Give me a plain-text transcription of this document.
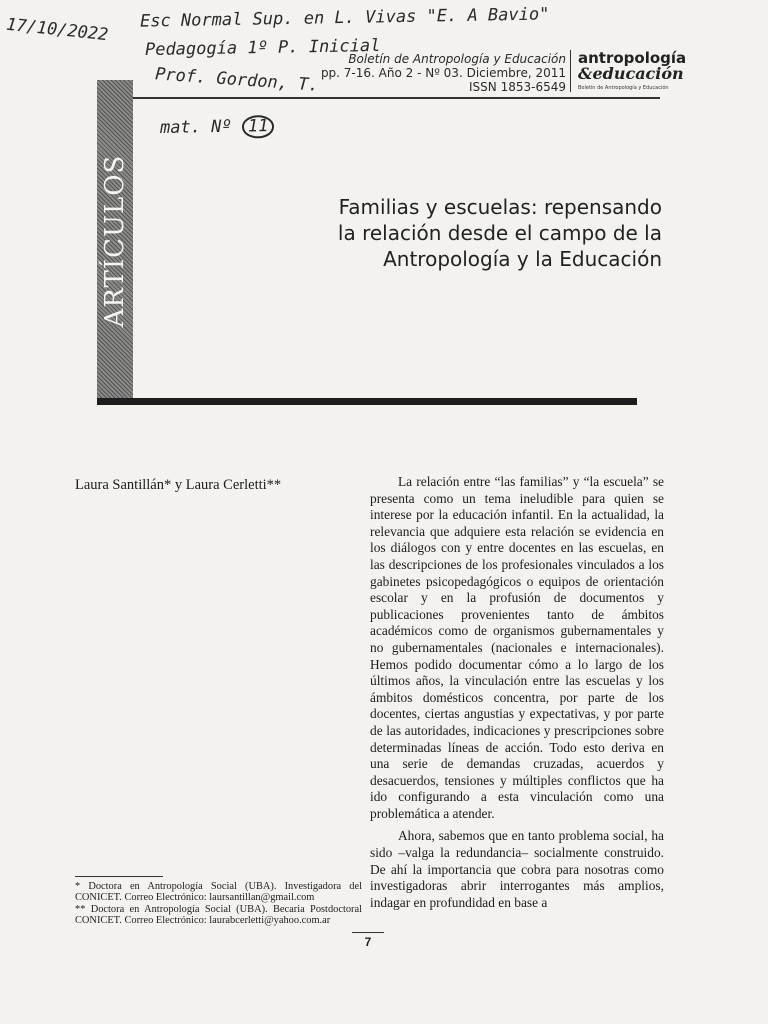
17/10/2022 Esc Normal Sup. en L. Vivas "E. A Bavio"
Pedagogía 1º P. Inicial
Prof. Gordon, T.
mat. Nº 11
Boletín de Antropología y Educación
pp. 7-16. Año 2 - Nº 03. Diciembre, 2011
ISSN 1853-6549
antropología
&educación
Boletín de Antropología y Educación
ARTÍCULOS	Familias y escuelas: repensando
la relación desde el campo de la
Antropología y la Educación
Laura Santillán* y Laura Cerletti**	La relación entre “las familias” y “la escuela” se presenta como un tema ineludible para quien se interese por la educación infantil. En la actualidad, la relevancia que adquiere esta relación se evidencia en los diálogos con y entre docentes en las escuelas, en las descripciones de los profesionales vinculados a los gabinetes psicopedagógicos o equipos de orientación escolar y en la profusión de documentos y publicaciones provenientes tanto de ámbitos académicos como de organismos gubernamentales y no gubernamentales (nacionales e internacionales). Hemos podido documentar cómo a lo largo de los últimos años, la vinculación entre las escuelas y los ámbitos domésticos concentra, por parte de los docentes, ciertas angustias y expectativas, y por parte de las autoridades, indicaciones y prescripciones sobre determinadas líneas de acción. Todo esto deriva en una serie de demandas cruzadas, acuerdos y desacuerdos, tensiones y múltiples conflictos que ha ido configurando a esta vinculación como una problemática a atender.

Ahora, sabemos que en tanto problema social, ha sido –valga la redundancia– socialmente construido. De ahí la importancia que cobra para nosotras como investigadoras abrir interrogantes más amplios, indagar en profundidad en base a

* Doctora en Antropología Social (UBA). Investigadora del CONICET. Correo Electrónico: laursantillan@gmail.com

** Doctora en Antropología Social (UBA). Becaria Postdoctoral CONICET. Correo Electrónico: laurabcerletti@yahoo.com.ar

7
